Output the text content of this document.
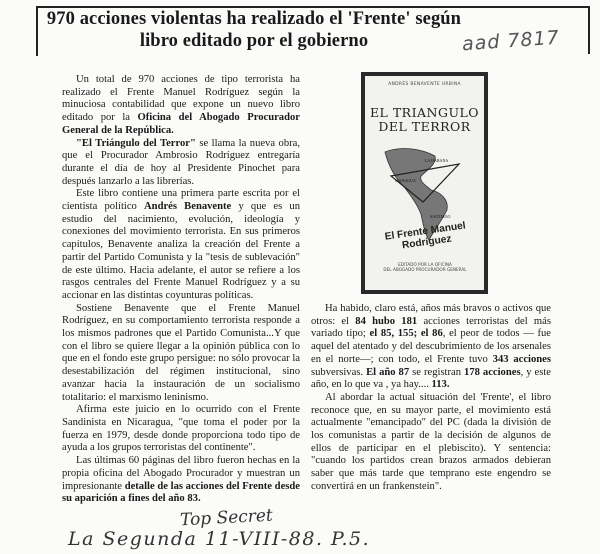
970 acciones violentas ha realizado el 'Frente' según libro editado por el gobierno	aad 7817

Un total de 970 acciones de tipo terrorista ha realizado el Frente Manuel Rodríguez según la minuciosa contabilidad que expone un nuevo libro editado por la Oficina del Abogado Procurador General de la República.

"El Triángulo del Terror" se llama la nueva obra, que el Procurador Ambrosio Rodríguez entregaría durante el día de hoy al Presidente Pinochet para después lanzarlo a las librerías.

Este libro contiene una primera parte escrita por el cientista político Andrés Benavente y que es un estudio del nacimiento, evolución, ideología y conexiones del movimiento terrorista. En sus primeros capítulos, Benavente analiza la creación del Frente a partir del Partido Comunista y la "tesis de sublevación" de este último. Hacia adelante, el autor se refiere a los rasgos centrales del Frente Manuel Rodríguez y a su accionar en las distintas coyunturas políticas.

Sostiene Benavente que el Frente Manuel Rodríguez, en su comportamiento terrorista responde a los mismos padrones que el Partido Comunista...Y que con el libro se quiere llegar a la opinión pública con lo que en el fondo este grupo persigue: no sólo provocar la desestabilización del régimen institucional, sino avanzar hacia la instauración de un socialismo totalitario: el marxismo leninismo.

Afirma este juicio en lo ocurrido con el Frente Sandinista en Nicaragua, "que toma el poder por la fuerza en 1979, desde donde proporciona todo tipo de ayuda a los grupos terroristas del continente".

Las últimas 60 páginas del libro fueron hechas en la propia oficina del Abogado Procurador y muestran un impresionante detalle de las acciones del Frente desde su aparición a fines del año 83.

ANDRÉS BENAVENTE URBINA
EL TRIANGULO
DEL TERROR
LA HABANA
MANAGUA
SANTIAGO
El Frente Manuel Rodriguez
EDITADO POR LA OFICINA
DEL ABOGADO PROCURADOR GENERAL

Ha habido, claro está, años más bravos o activos que otros: el 84 hubo 181 acciones terroristas del más variado tipo; el 85, 155; el 86, el peor de todos — fue aquel del atentado y del descubrimiento de los arsenales en el norte—; con todo, el Frente tuvo 343 acciones subversivas. El año 87 se registran 178 acciones, y este año, en lo que va , ya hay.... 113.

Al abordar la actual situación del 'Frente', el libro reconoce que, en su mayor parte, el movimiento está actualmente "emancipado" del PC (dada la división de los comunistas a partir de la decisión de algunos de ellos de participar en el plebiscito). Y sentencia: "cuando los partidos crean brazos armados debieran saber que más tarde que temprano este engendro se convertirá en un frankenstein".

Top Secret
La Segunda 11-VIII-88. P.5.
